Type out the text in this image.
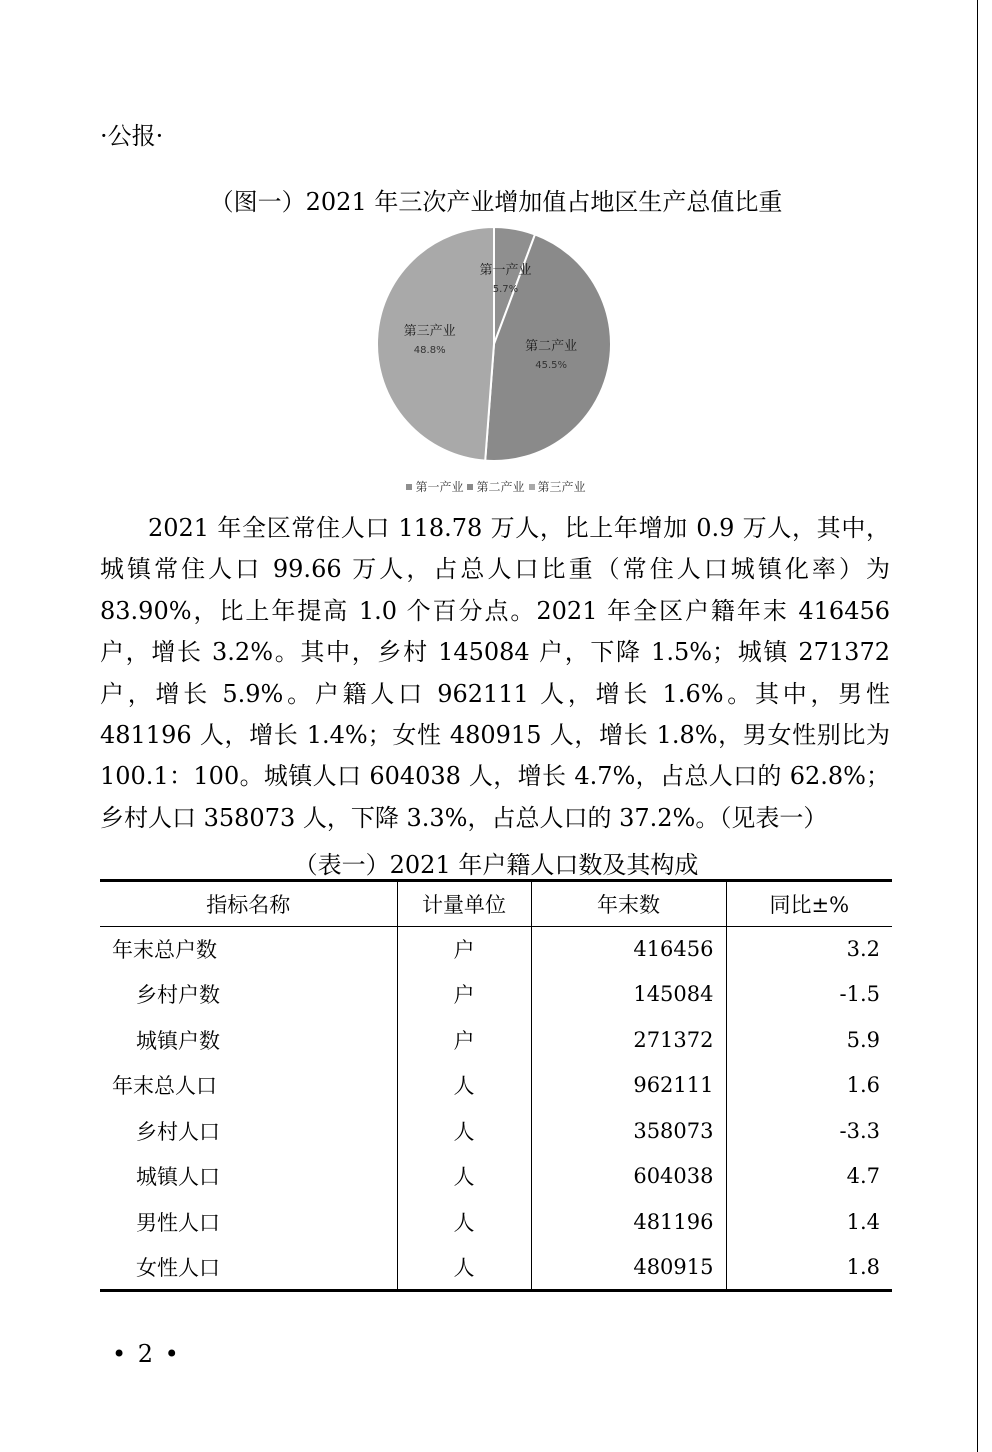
·公报·
（图一）2021 年三次产业增加值占地区生产总值比重
第一产业
5.7%
第二产业
45.5%
第三产业
48.8%
第一产业 第二产业 第三产业

2021 年全区常住人口 118.78 万人，比上年增加 0.9 万人，其中，城镇常住人口 99.66 万人，占总人口比重（常住人口城镇化率）为 83.90%，比上年提高 1.0 个百分点。2021 年全区户籍年末 416456 户，增长 3.2%。其中，乡村 145084 户，下降 1.5%；城镇 271372 户，增长 5.9%。户籍人口 962111 人，增长 1.6%。其中，男性 481196 人，增长 1.4%；女性 480915 人，增长 1.8%，男女性别比为 100.1：100。城镇人口 604038 人，增长 4.7%，占总人口的 62.8%；乡村人口 358073 人，下降 3.3%，占总人口的 37.2%。（见表一）

（表一）2021 年户籍人口数及其构成
指标名称	计量单位	年末数	同比±%
年末总户数	户	416456	3.2
乡村户数	户	145084	-1.5
城镇户数	户	271372	5.9
年末总人口	人	962111	1.6
乡村人口	人	358073	-3.3
城镇人口	人	604038	4.7
男性人口	人	481196	1.4
女性人口	人	480915	1.8
• 2 •
